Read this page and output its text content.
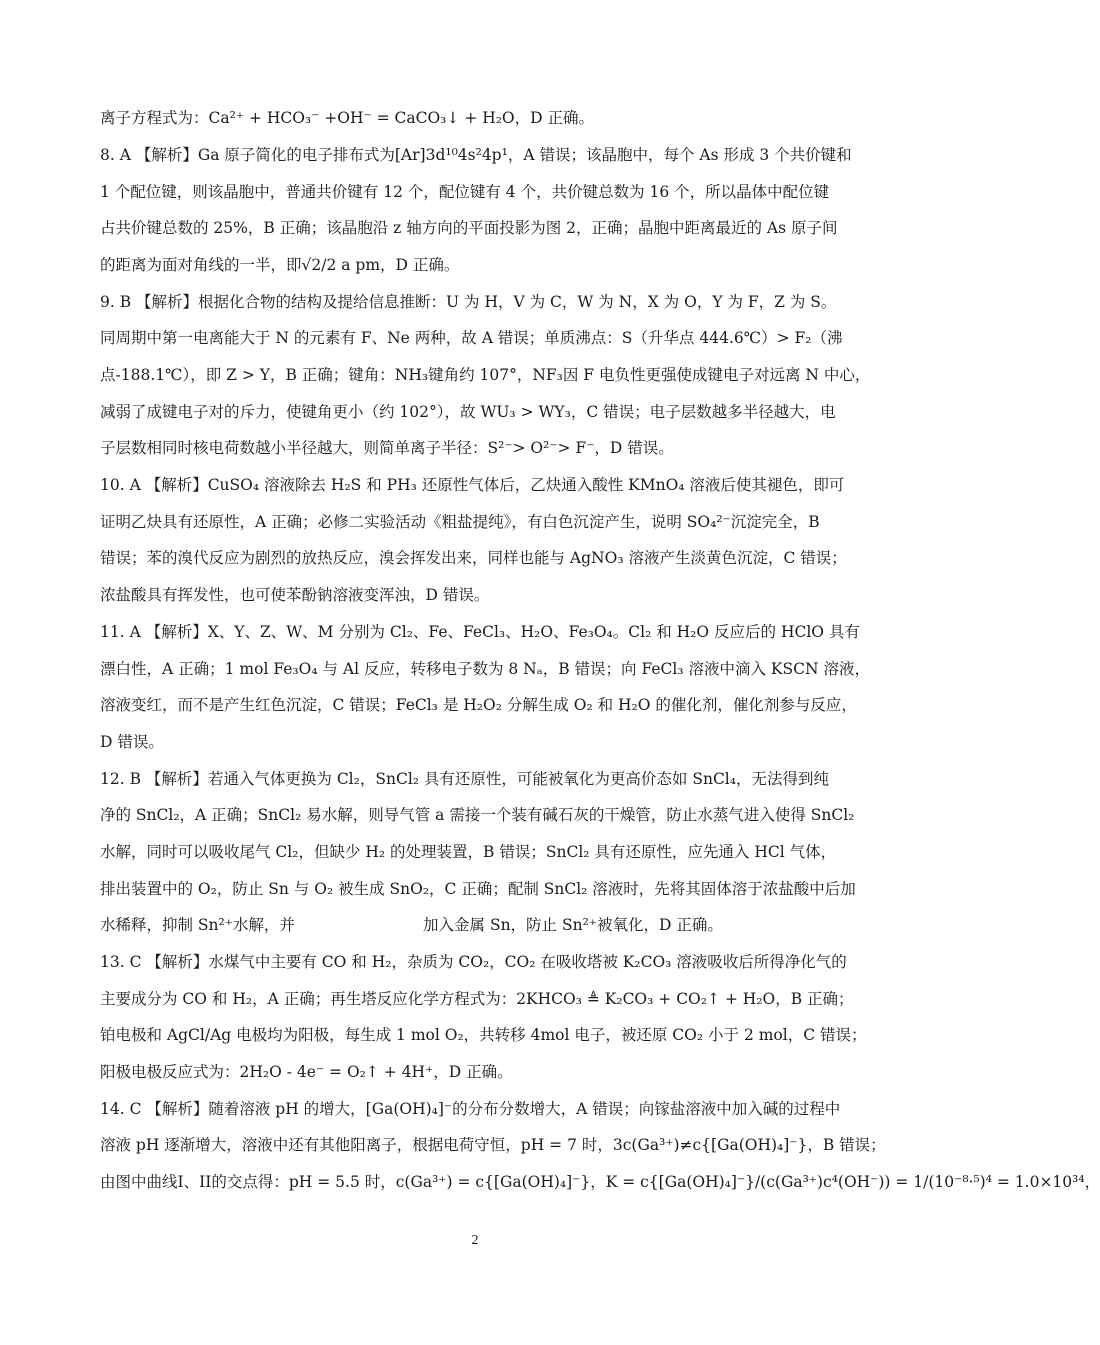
离子方程式为：Ca²⁺ + HCO₃⁻ +OH⁻ = CaCO₃↓ + H₂O，D 正确。
8. A 【解析】Ga 原子简化的电子排布式为[Ar]3d¹⁰4s²4p¹，A 错误；该晶胞中，每个 As 形成 3 个共价键和
1 个配位键，则该晶胞中，普通共价键有 12 个，配位键有 4 个，共价键总数为 16 个，所以晶体中配位键
占共价键总数的 25%，B 正确；该晶胞沿 z 轴方向的平面投影为图 2，正确；晶胞中距离最近的 As 原子间
的距离为面对角线的一半，即√2/2 a pm，D 正确。
9. B 【解析】根据化合物的结构及提给信息推断：U 为 H，V 为 C，W 为 N，X 为 O，Y 为 F，Z 为 S。
同周期中第一电离能大于 N 的元素有 F、Ne 两种，故 A 错误；单质沸点：S（升华点 444.6℃）> F₂（沸
点-188.1℃），即 Z > Y，B 正确；键角：NH₃键角约 107°，NF₃因 F 电负性更强使成键电子对远离 N 中心，
减弱了成键电子对的斥力，使键角更小（约 102°），故 WU₃ > WY₃，C 错误；电子层数越多半径越大，电
子层数相同时核电荷数越小半径越大，则简单离子半径：S²⁻> O²⁻> F⁻，D 错误。
10. A 【解析】CuSO₄ 溶液除去 H₂S 和 PH₃ 还原性气体后，乙炔通入酸性 KMnO₄ 溶液后使其褪色，即可
证明乙炔具有还原性，A 正确；必修二实验活动《粗盐提纯》，有白色沉淀产生，说明 SO₄²⁻沉淀完全，B
错误；苯的溴代反应为剧烈的放热反应，溴会挥发出来，同样也能与 AgNO₃ 溶液产生淡黄色沉淀，C 错误；
浓盐酸具有挥发性，也可使苯酚钠溶液变浑浊，D 错误。
11. A 【解析】X、Y、Z、W、M 分别为 Cl₂、Fe、FeCl₃、H₂O、Fe₃O₄。Cl₂ 和 H₂O 反应后的 HClO 具有
漂白性，A 正确；1 mol Fe₃O₄ 与 Al 反应，转移电子数为 8 Nₐ，B 错误；向 FeCl₃ 溶液中滴入 KSCN 溶液，
溶液变红，而不是产生红色沉淀，C 错误；FeCl₃ 是 H₂O₂ 分解生成 O₂ 和 H₂O 的催化剂，催化剂参与反应，
D 错误。
12. B 【解析】若通入气体更换为 Cl₂，SnCl₂ 具有还原性，可能被氧化为更高价态如 SnCl₄，无法得到纯
净的 SnCl₂，A 正确；SnCl₂ 易水解，则导气管 a 需接一个装有碱石灰的干燥管，防止水蒸气进入使得 SnCl₂
水解，同时可以吸收尾气 Cl₂，但缺少 H₂ 的处理装置，B 错误；SnCl₂ 具有还原性，应先通入 HCl 气体，
排出装置中的 O₂，防止 Sn 与 O₂ 被生成 SnO₂，C 正确；配制 SnCl₂ 溶液时，先将其固体溶于浓盐酸中后加
水稀释，抑制 Sn²⁺水解，并                          加入金属 Sn，防止 Sn²⁺被氧化，D 正确。
13. C 【解析】水煤气中主要有 CO 和 H₂，杂质为 CO₂，CO₂ 在吸收塔被 K₂CO₃ 溶液吸收后所得净化气的
主要成分为 CO 和 H₂，A 正确；再生塔反应化学方程式为：2KHCO₃ ≜ K₂CO₃ + CO₂↑ + H₂O，B 正确；
铂电极和 AgCl/Ag 电极均为阳极，每生成 1 mol O₂，共转移 4mol 电子，被还原 CO₂ 小于 2 mol，C 错误；
阳极电极反应式为：2H₂O - 4e⁻ = O₂↑ + 4H⁺，D 正确。
14. C 【解析】随着溶液 pH 的增大，[Ga(OH)₄]⁻的分布分数增大，A 错误；向镓盐溶液中加入碱的过程中
溶液 pH 逐渐增大，溶液中还有其他阳离子，根据电荷守恒，pH = 7 时，3c(Ga³⁺)≠c{[Ga(OH)₄]⁻}，B 错误；
由图中曲线I、II的交点得：pH = 5.5 时，c(Ga³⁺) = c{[Ga(OH)₄]⁻}，K = c{[Ga(OH)₄]⁻}/(c(Ga³⁺)c⁴(OH⁻)) = 1/(10⁻⁸·⁵)⁴ = 1.0×10³⁴，
2
